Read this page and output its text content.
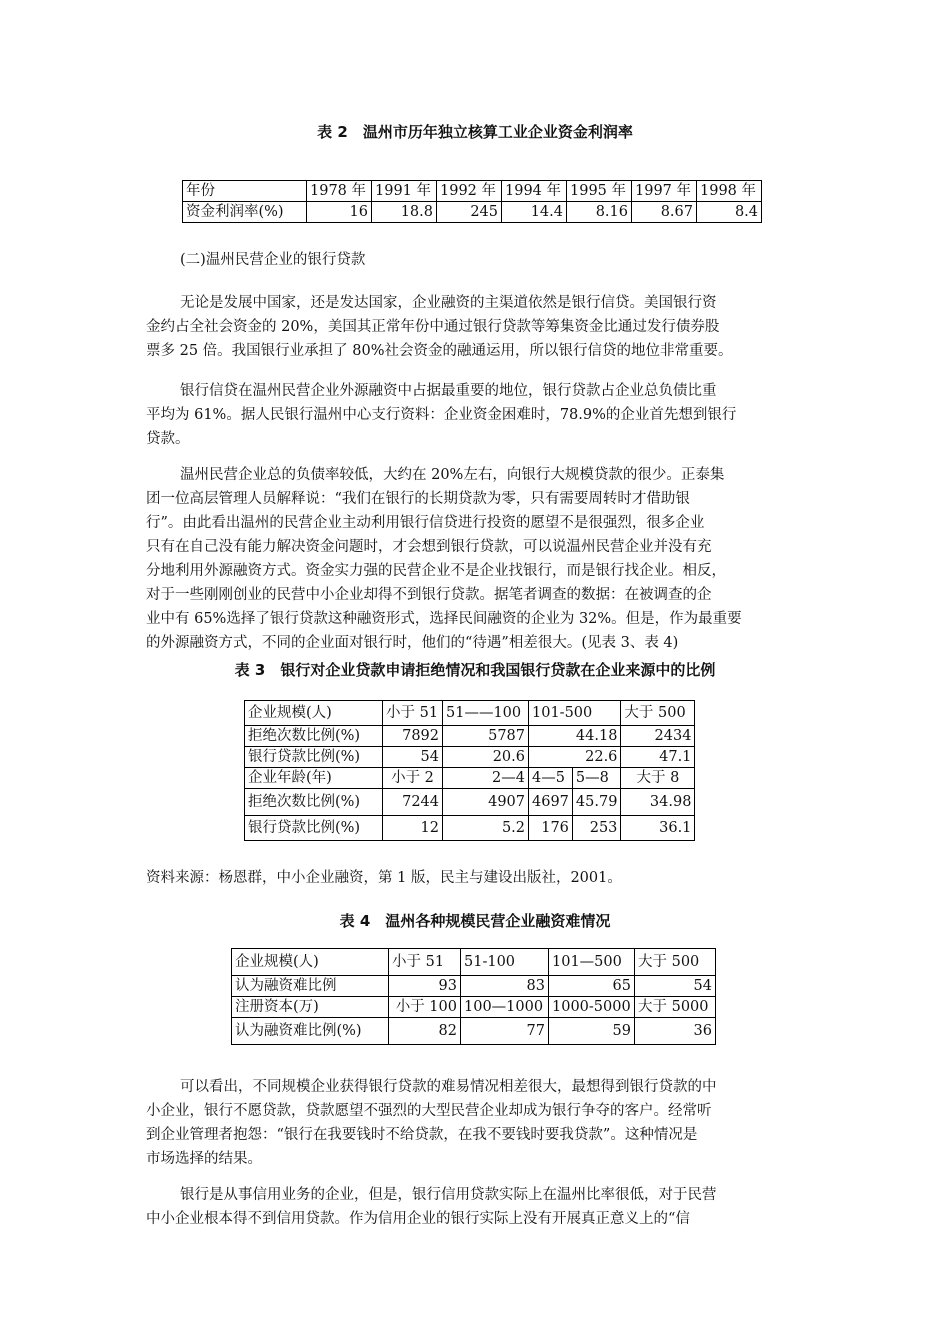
表 2　温州市历年独立核算工业企业资金利润率
年份	1978 年	1991 年	1992 年	1994 年	1995 年	1997 年	1998 年
资金利润率(%)	16	18.8	245	14.4	8.16	8.67	8.4
(二)温州民营企业的银行贷款
无论是发展中国家，还是发达国家，企业融资的主渠道依然是银行信贷。美国银行资
金约占全社会资金的 20%，美国其正常年份中通过银行贷款等筹集资金比通过发行债券股
票多 25 倍。我国银行业承担了 80%社会资金的融通运用，所以银行信贷的地位非常重要。
银行信贷在温州民营企业外源融资中占据最重要的地位，银行贷款占企业总负债比重
平均为 61%。据人民银行温州中心支行资料：企业资金困难时，78.9%的企业首先想到银行
贷款。
温州民营企业总的负债率较低，大约在 20%左右，向银行大规模贷款的很少。正泰集
团一位高层管理人员解释说：“我们在银行的长期贷款为零，只有需要周转时才借助银
行”。由此看出温州的民营企业主动利用银行信贷进行投资的愿望不是很强烈，很多企业
只有在自己没有能力解决资金问题时，才会想到银行贷款，可以说温州民营企业并没有充
分地利用外源融资方式。资金实力强的民营企业不是企业找银行，而是银行找企业。相反，
对于一些刚刚创业的民营中小企业却得不到银行贷款。据笔者调查的数据：在被调查的企
业中有 65%选择了银行贷款这种融资形式，选择民间融资的企业为 32%。但是，作为最重要
的外源融资方式，不同的企业面对银行时，他们的“待遇”相差很大。(见表 3、表 4)
表 3　银行对企业贷款申请拒绝情况和我国银行贷款在企业来源中的比例
企业规模(人)	小于 51	51——100	101-500		大于 500
拒绝次数比例(%)	7892	5787	44.18		2434
银行贷款比例(%)	54	20.6	22.6		47.1
企业年龄(年)	小于 2	2—4	4—5	5—8	大于 8
拒绝次数比例(%)	7244	4907	4697	45.79	34.98
银行贷款比例(%)	12	5.2	176	253	36.1
资料来源：杨恩群，中小企业融资，第 1 版，民主与建设出版社，2001。
表 4　温州各种规模民营企业融资难情况
企业规模(人)	小于 51	51-100	101—500	大于 500
认为融资难比例	93	83	65	54
注册资本(万)	小于 100	100—1000	1000-5000	大于 5000
认为融资难比例(%)	82	77	59	36
可以看出，不同规模企业获得银行贷款的难易情况相差很大，最想得到银行贷款的中
小企业，银行不愿贷款，贷款愿望不强烈的大型民营企业却成为银行争夺的客户。经常听
到企业管理者抱怨：“银行在我要钱时不给贷款，在我不要钱时要我贷款”。这种情况是
市场选择的结果。
银行是从事信用业务的企业，但是，银行信用贷款实际上在温州比率很低，对于民营
中小企业根本得不到信用贷款。作为信用企业的银行实际上没有开展真正意义上的“信
